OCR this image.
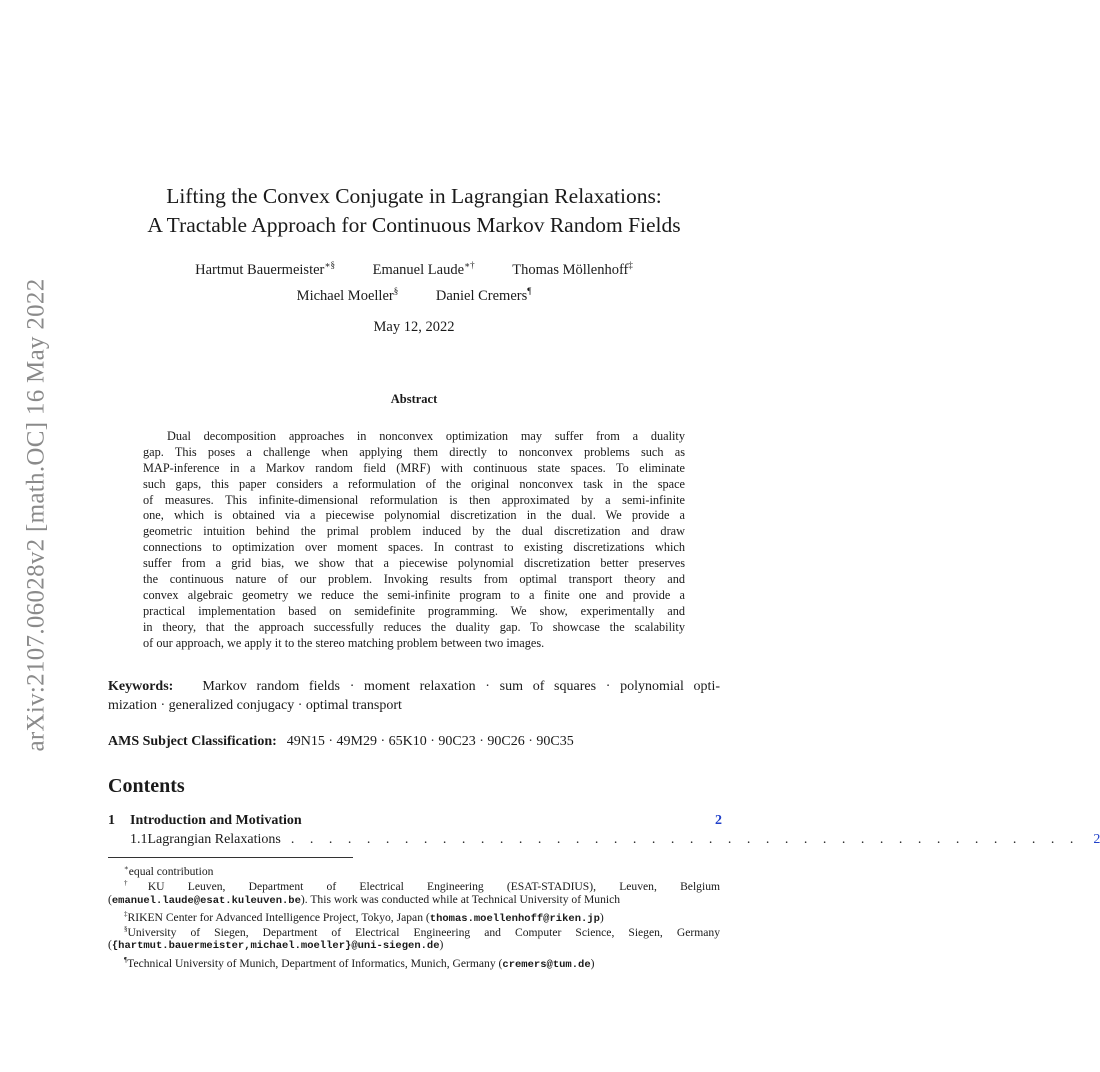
arXiv:2107.06028v2 [math.OC] 16 May 2022
Lifting the Convex Conjugate in Lagrangian Relaxations:
A Tractable Approach for Continuous Markov Random Fields
Hartmut Bauermeister∗§	Emanuel Laude∗†	Thomas Möllenhoff‡
Michael Moeller§	Daniel Cremers¶
May 12, 2022
Abstract
Dual decomposition approaches in nonconvex optimization may suffer from a duality
gap. This poses a challenge when applying them directly to nonconvex problems such as
MAP-inference in a Markov random field (MRF) with continuous state spaces. To eliminate
such gaps, this paper considers a reformulation of the original nonconvex task in the space
of measures. This infinite-dimensional reformulation is then approximated by a semi-infinite
one, which is obtained via a piecewise polynomial discretization in the dual. We provide a
geometric intuition behind the primal problem induced by the dual discretization and draw
connections to optimization over moment spaces. In contrast to existing discretizations which
suffer from a grid bias, we show that a piecewise polynomial discretization better preserves
the continuous nature of our problem. Invoking results from optimal transport theory and
convex algebraic geometry we reduce the semi-infinite program to a finite one and provide a
practical implementation based on semidefinite programming. We show, experimentally and
in theory, that the approach successfully reduces the duality gap. To showcase the scalability
of our approach, we apply it to the stereo matching problem between two images.
Keywords: Markov random fields · moment relaxation · sum of squares · polynomial opti-
mization · generalized conjugacy · optimal transport
AMS Subject Classification: 49N15 · 49M29 · 65K10 · 90C23 · 90C26 · 90C35
Contents
1	Introduction and Motivation	2
1.1 Lagrangian Relaxations . . . . . . . . . . . . . . . . . . . . . . . . . . . . . . . . . . . . . . . . . . 2
∗equal contribution
†KU Leuven, Department of Electrical Engineering (ESAT-STADIUS), Leuven, Belgium
(emanuel.laude@esat.kuleuven.be). This work was conducted while at Technical University of Munich
‡RIKEN Center for Advanced Intelligence Project, Tokyo, Japan (thomas.moellenhoff@riken.jp)
§University of Siegen, Department of Electrical Engineering and Computer Science, Siegen, Germany
({hartmut.bauermeister,michael.moeller}@uni-siegen.de)
¶Technical University of Munich, Department of Informatics, Munich, Germany (cremers@tum.de)
